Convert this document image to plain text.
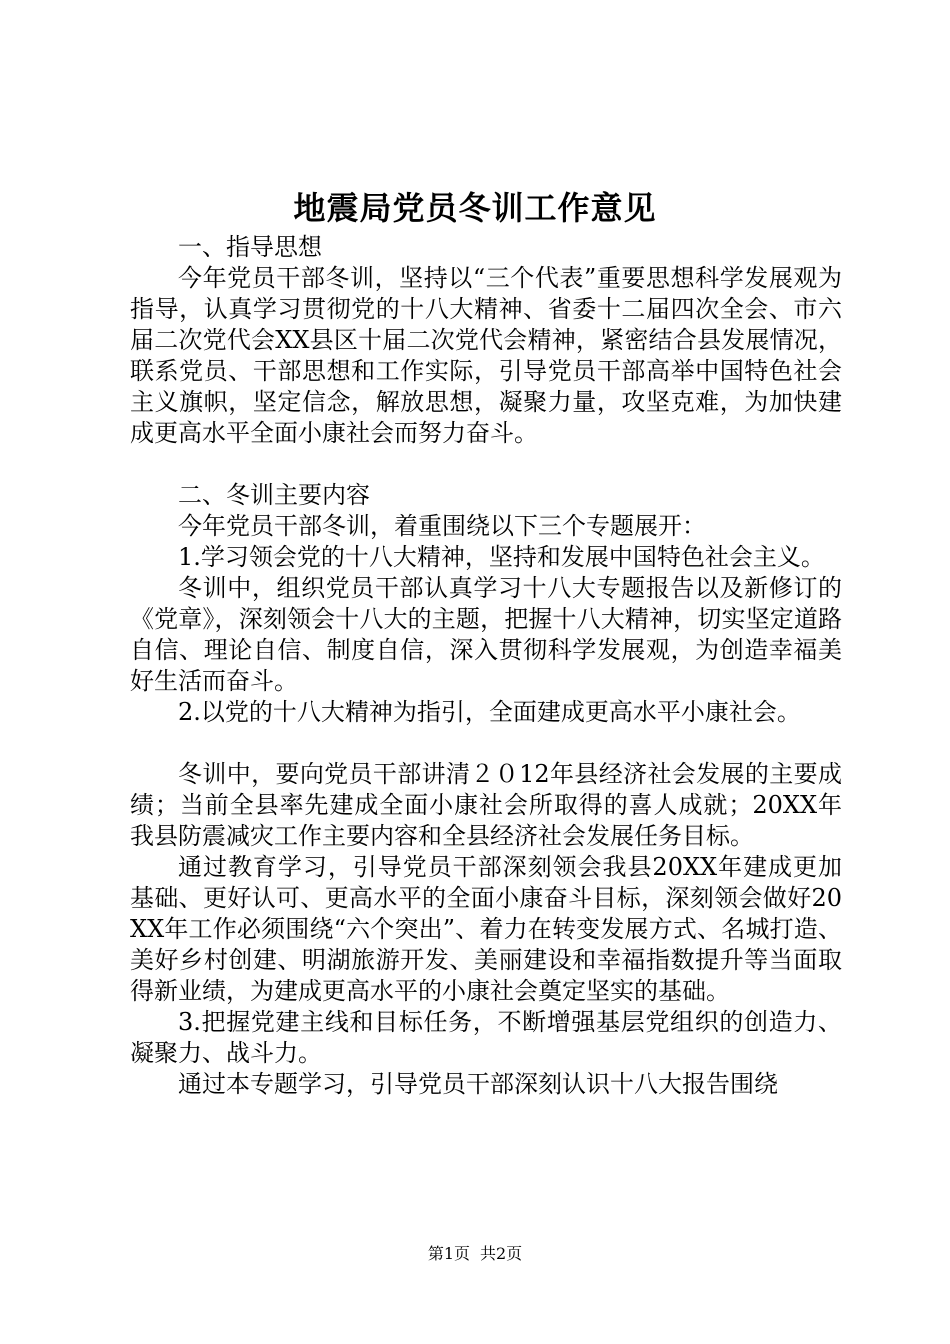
地震局党员冬训工作意见

一、指导思想

今年党员干部冬训，坚持以“三个代表”重要思想科学发展观为指导，认真学习贯彻党的十八大精神、省委十二届四次全会、市六届二次党代会XX县区十届二次党代会精神，紧密结合县发展情况，联系党员、干部思想和工作实际，引导党员干部高举中国特色社会主义旗帜，坚定信念，解放思想，凝聚力量，攻坚克难，为加快建成更高水平全面小康社会而努力奋斗。

二、冬训主要内容

今年党员干部冬训，着重围绕以下三个专题展开：

1.学习领会党的十八大精神，坚持和发展中国特色社会主义。

冬训中，组织党员干部认真学习十八大专题报告以及新修订的《党章》，深刻领会十八大的主题，把握十八大精神，切实坚定道路自信、理论自信、制度自信，深入贯彻科学发展观，为创造幸福美好生活而奋斗。

2.以党的十八大精神为指引，全面建成更高水平小康社会。

冬训中，要向党员干部讲清２０12年县经济社会发展的主要成绩；当前全县率先建成全面小康社会所取得的喜人成就；20XX年我县防震减灾工作主要内容和全县经济社会发展任务目标。

通过教育学习，引导党员干部深刻领会我县20XX年建成更加基础、更好认可、更高水平的全面小康奋斗目标，深刻领会做好20XX年工作必须围绕“六个突出”、着力在转变发展方式、名城打造、美好乡村创建、明湖旅游开发、美丽建设和幸福指数提升等当面取得新业绩，为建成更高水平的小康社会奠定坚实的基础。

3.把握党建主线和目标任务，不断增强基层党组织的创造力、凝聚力、战斗力。

通过本专题学习，引导党员干部深刻认识十八大报告围绕

第1页 共2页
